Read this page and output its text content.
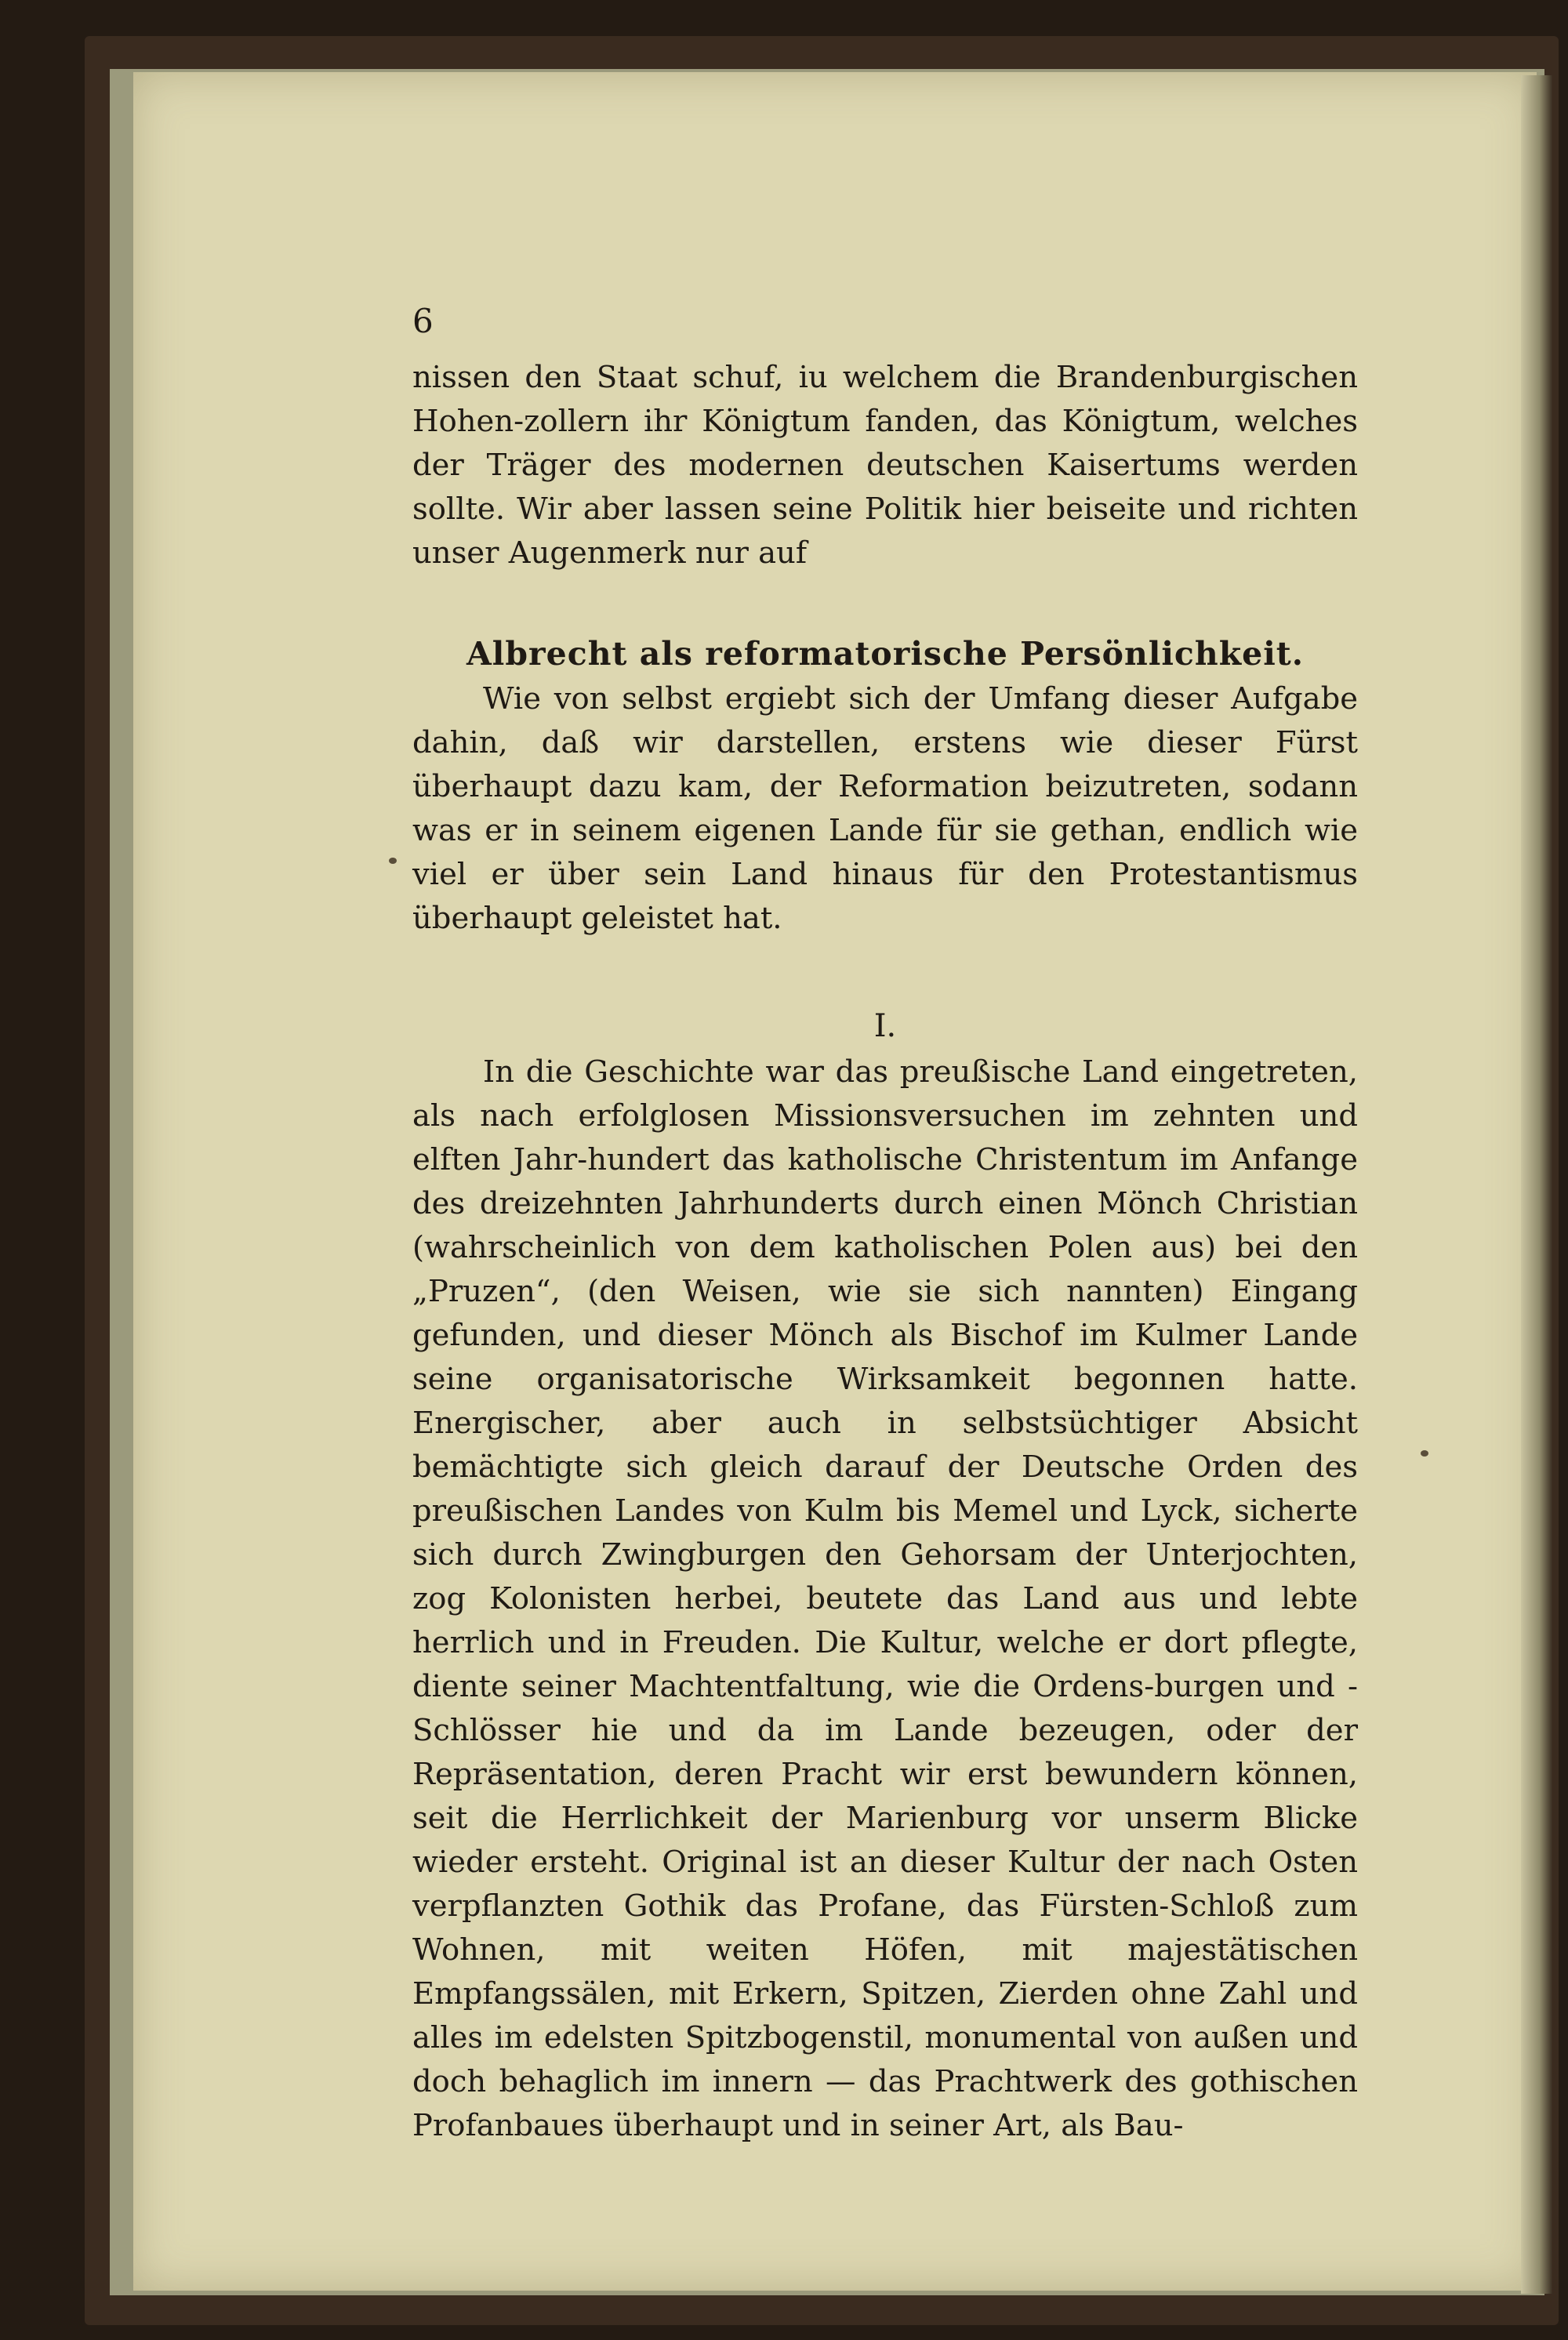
6

nissen den Staat schuf, iu welchem die Brandenburgischen Hohen-zollern ihr Königtum fanden, das Königtum, welches der Träger des modernen deutschen Kaisertums werden sollte. Wir aber lassen seine Politik hier beiseite und richten unser Augenmerk nur auf

Albrecht als reformatorische Persönlichkeit.

Wie von selbst ergiebt sich der Umfang dieser Aufgabe dahin, daß wir darstellen, erstens wie dieser Fürst überhaupt dazu kam, der Reformation beizutreten, sodann was er in seinem eigenen Lande für sie gethan, endlich wie viel er über sein Land hinaus für den Protestantismus überhaupt geleistet hat.

I.

In die Geschichte war das preußische Land eingetreten, als nach erfolglosen Missionsversuchen im zehnten und elften Jahr-hundert das katholische Christentum im Anfange des dreizehnten Jahrhunderts durch einen Mönch Christian (wahrscheinlich von dem katholischen Polen aus) bei den „Pruzen“, (den Weisen, wie sie sich nannten) Eingang gefunden, und dieser Mönch als Bischof im Kulmer Lande seine organisatorische Wirksamkeit begonnen hatte. Energischer, aber auch in selbstsüchtiger Absicht bemächtigte sich gleich darauf der Deutsche Orden des preußischen Landes von Kulm bis Memel und Lyck, sicherte sich durch Zwingburgen den Gehorsam der Unterjochten, zog Kolonisten herbei, beutete das Land aus und lebte herrlich und in Freuden. Die Kultur, welche er dort pflegte, diente seiner Machtentfaltung, wie die Ordens-burgen und -Schlösser hie und da im Lande bezeugen, oder der Repräsentation, deren Pracht wir erst bewundern können, seit die Herrlichkeit der Marienburg vor unserm Blicke wieder ersteht. Original ist an dieser Kultur der nach Osten verpflanzten Gothik das Profane, das Fürsten-Schloß zum Wohnen, mit weiten Höfen, mit majestätischen Empfangssälen, mit Erkern, Spitzen, Zierden ohne Zahl und alles im edelsten Spitzbogenstil, monumental von außen und doch behaglich im innern — das Prachtwerk des gothischen Profanbaues überhaupt und in seiner Art, als Bau-
